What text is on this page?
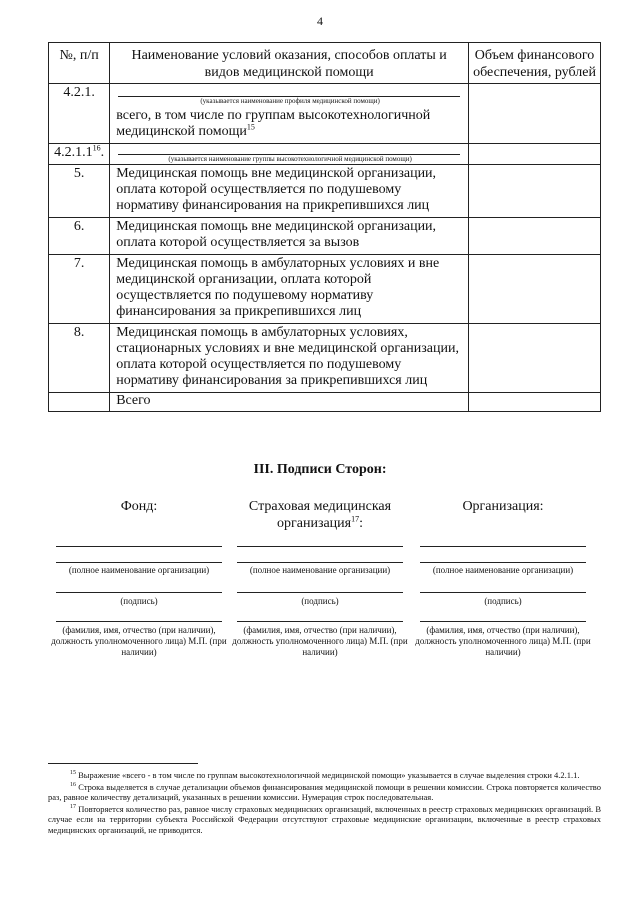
4
№, п/п	Наименование условий оказания, способов оплаты и видов медицинской помощи	Объем финансового обеспечения, рублей
4.2.1.	(указывается наименование профиля медицинской помощи)
всего, в том числе по группам высокотехнологичной медицинской помощи$^{15}$

4.2.1.1$^{16}$.	(указывается наименование группы высокотехнологичной медицинской помощи)	

5.	Медицинская помощь вне медицинской организации, оплата которой осуществляется по подушевому нормативу финансирования на прикрепившихся лиц	
6.	Медицинская помощь вне медицинской организации, оплата которой осуществляется за вызов	
7.	Медицинская помощь в амбулаторных условиях и вне медицинской организации, оплата которой осуществляется по подушевому нормативу финансирования за прикрепившихся лиц	
8.	Медицинская помощь в амбулаторных условиях, стационарных условиях и вне медицинской организации, оплата которой осуществляется по подушевому нормативу финансирования за прикрепившихся лиц	
	Всего	
III. Подписи Сторон:
Фонд:
(полное наименование организации)
(подпись)
(фамилия, имя, отчество (при наличии), должность уполномоченного лица) М.П. (при наличии)
Страховая медицинская организация$^{17}$:
(полное наименование организации)
(подпись)
(фамилия, имя, отчество (при наличии), должность уполномоченного лица) М.П. (при наличии)
Организация:
(полное наименование организации)
(подпись)
(фамилия, имя, отчество (при наличии), должность уполномоченного лица) М.П. (при наличии)

$^{15}$ Выражение «всего - в том числе по группам высокотехнологичной медицинской помощи» указывается в случае выделения строки 4.2.1.1.

$^{16}$ Строка выделяется в случае детализации объемов финансирования медицинской помощи в решении комиссии. Строка повторяется количество раз, равное количеству детализаций, указанных в решении комиссии. Нумерация строк последовательная.

$^{17}$ Повторяется количество раз, равное числу страховых медицинских организаций, включенных в реестр страховых медицинских организаций. В случае если на территории субъекта Российской Федерации отсутствуют страховые медицинские организации, включенные в реестр страховых медицинских организаций, не приводится.
